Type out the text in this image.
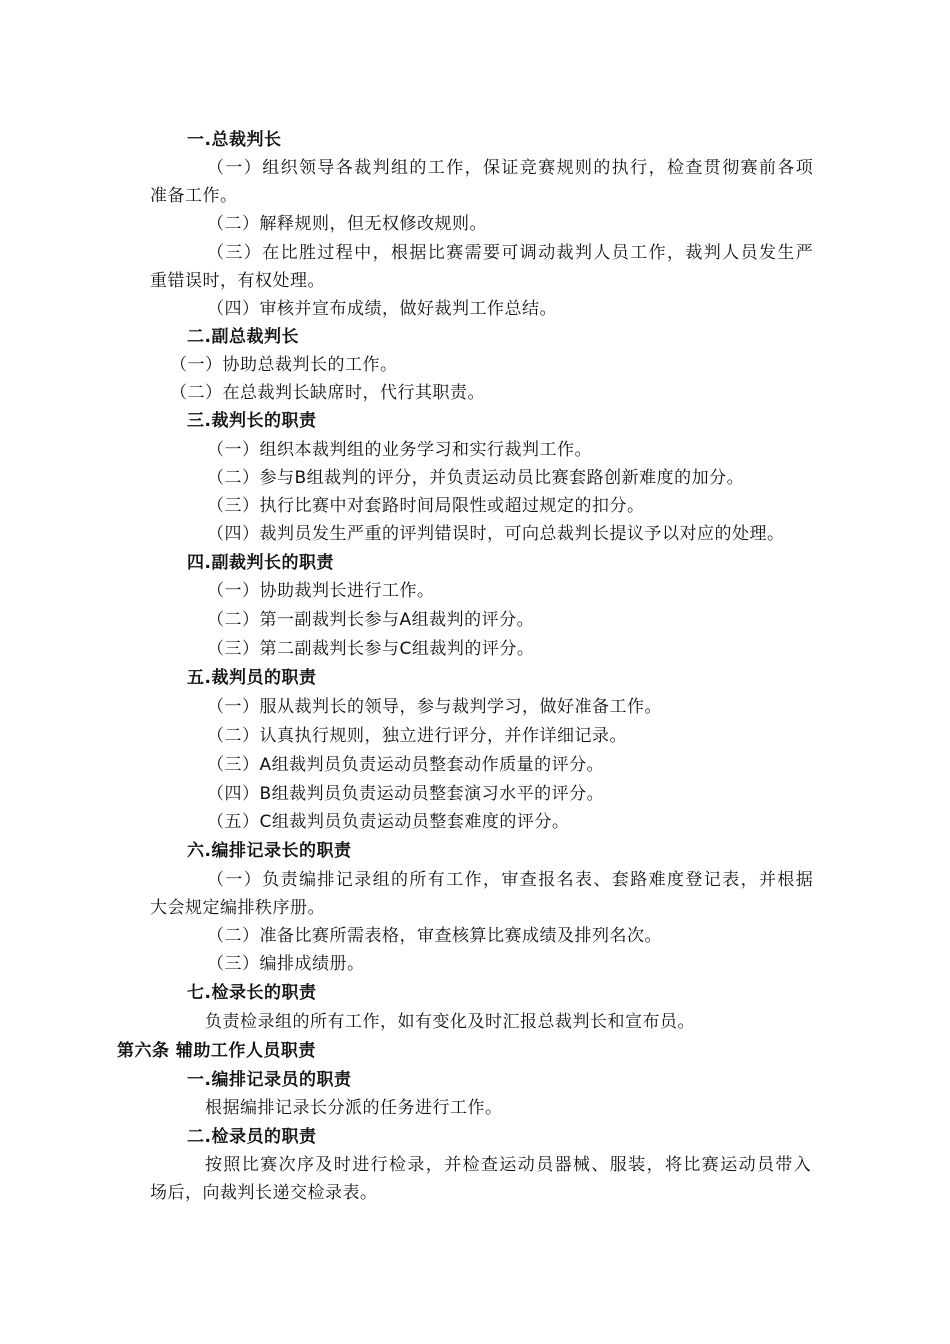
一.总裁判长
（一）组织领导各裁判组的工作，保证竞赛规则的执行，检查贯彻赛前各项
准备工作。
（二）解释规则，但无权修改规则。
（三）在比胜过程中，根据比赛需要可调动裁判人员工作，裁判人员发生严
重错误时，有权处理。
（四）审核并宣布成绩，做好裁判工作总结。
二.副总裁判长
（一）协助总裁判长的工作。
（二）在总裁判长缺席时，代行其职责。
三.裁判长的职责
（一）组织本裁判组的业务学习和实行裁判工作。
（二）参与B组裁判的评分，并负责运动员比赛套路创新难度的加分。
（三）执行比赛中对套路时间局限性或超过规定的扣分。
（四）裁判员发生严重的评判错误时，可向总裁判长提议予以对应的处理。
四.副裁判长的职责
（一）协助裁判长进行工作。
（二）第一副裁判长参与A组裁判的评分。
（三）第二副裁判长参与C组裁判的评分。
五.裁判员的职责
（一）服从裁判长的领导，参与裁判学习，做好准备工作。
（二）认真执行规则，独立进行评分，并作详细记录。
（三）A组裁判员负责运动员整套动作质量的评分。
（四）B组裁判员负责运动员整套演习水平的评分。
（五）C组裁判员负责运动员整套难度的评分。
六.编排记录长的职责
（一）负责编排记录组的所有工作，审查报名表、套路难度登记表，并根据
大会规定编排秩序册。
（二）准备比赛所需表格，审查核算比赛成绩及排列名次。
（三）编排成绩册。
七.检录长的职责
负责检录组的所有工作，如有变化及时汇报总裁判长和宣布员。
第六条 辅助工作人员职责
一.编排记录员的职责
根据编排记录长分派的任务进行工作。
二.检录员的职责
按照比赛次序及时进行检录，并检查运动员器械、服装，将比赛运动员带入
场后，向裁判长递交检录表。
